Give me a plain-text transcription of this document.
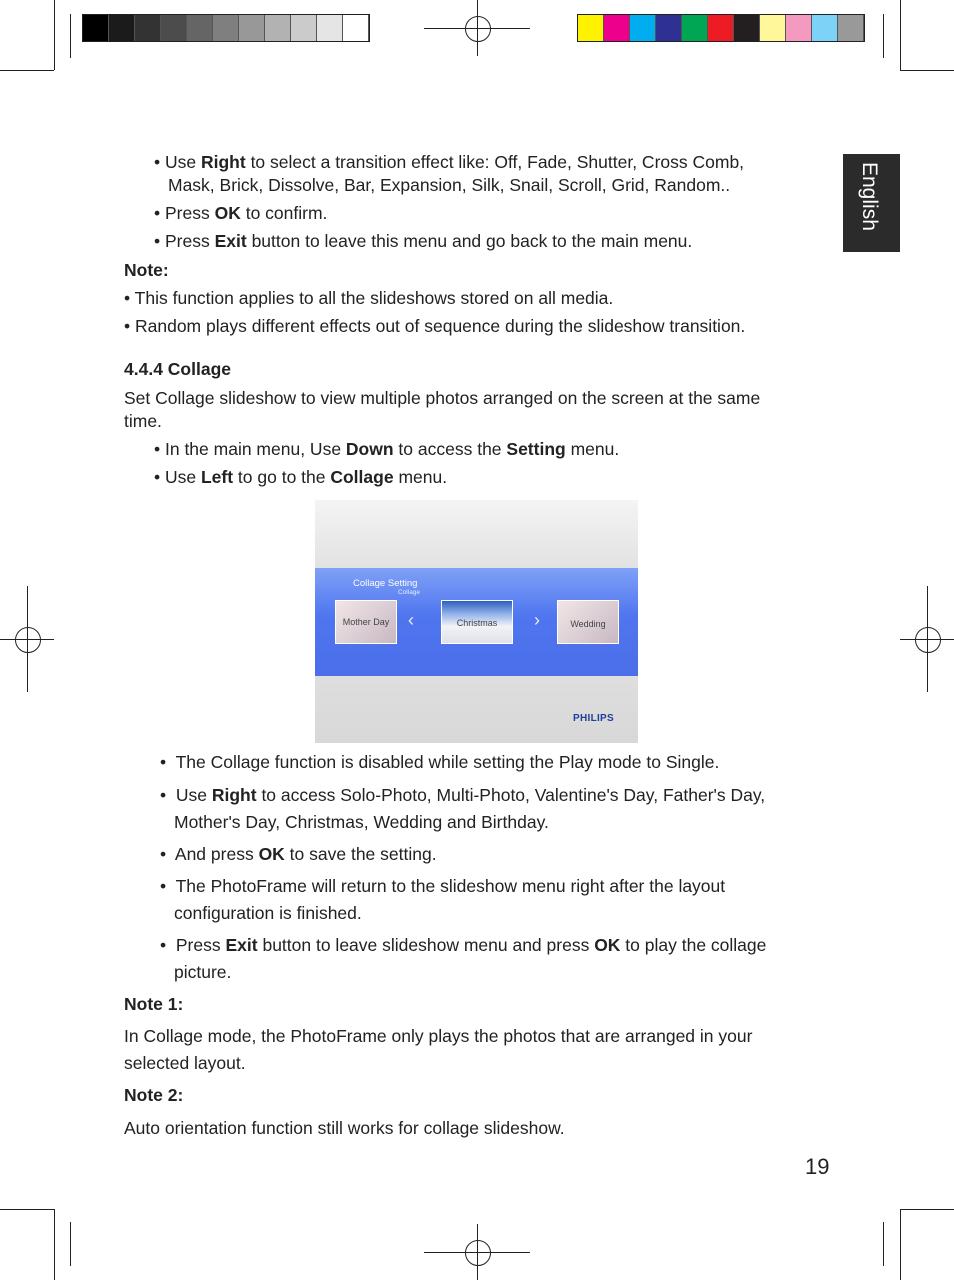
English
• Use Right to select a transition effect like: Off, Fade, Shutter, Cross Comb,
Mask, Brick, Dissolve, Bar, Expansion, Silk, Snail, Scroll, Grid, Random..
• Press OK to confirm.
• Press Exit button to leave this menu and go back to the main menu.
Note:
• This function applies to all the slideshows stored on all media.
• Random plays different effects out of sequence during the slideshow transition.
4.4.4 Collage
Set Collage slideshow to view multiple photos arranged on the screen at the same
time.
• In the main menu, Use Down to access the Setting menu.
• Use Left to go to the Collage menu.
Collage Setting
Collage
Mother Day	‹	Christmas	›	Wedding
PHILIPS
• The Collage function is disabled while setting the Play mode to Single.
• Use Right to access Solo-Photo, Multi-Photo, Valentine's Day, Father's Day,
Mother's Day, Christmas, Wedding and Birthday.
• And press OK to save the setting.
• The PhotoFrame will return to the slideshow menu right after the layout
configuration is finished.
• Press Exit button to leave slideshow menu and press OK to play the collage
picture.
Note 1:
In Collage mode, the PhotoFrame only plays the photos that are arranged in your
selected layout.
Note 2:
Auto orientation function still works for collage slideshow.
19
